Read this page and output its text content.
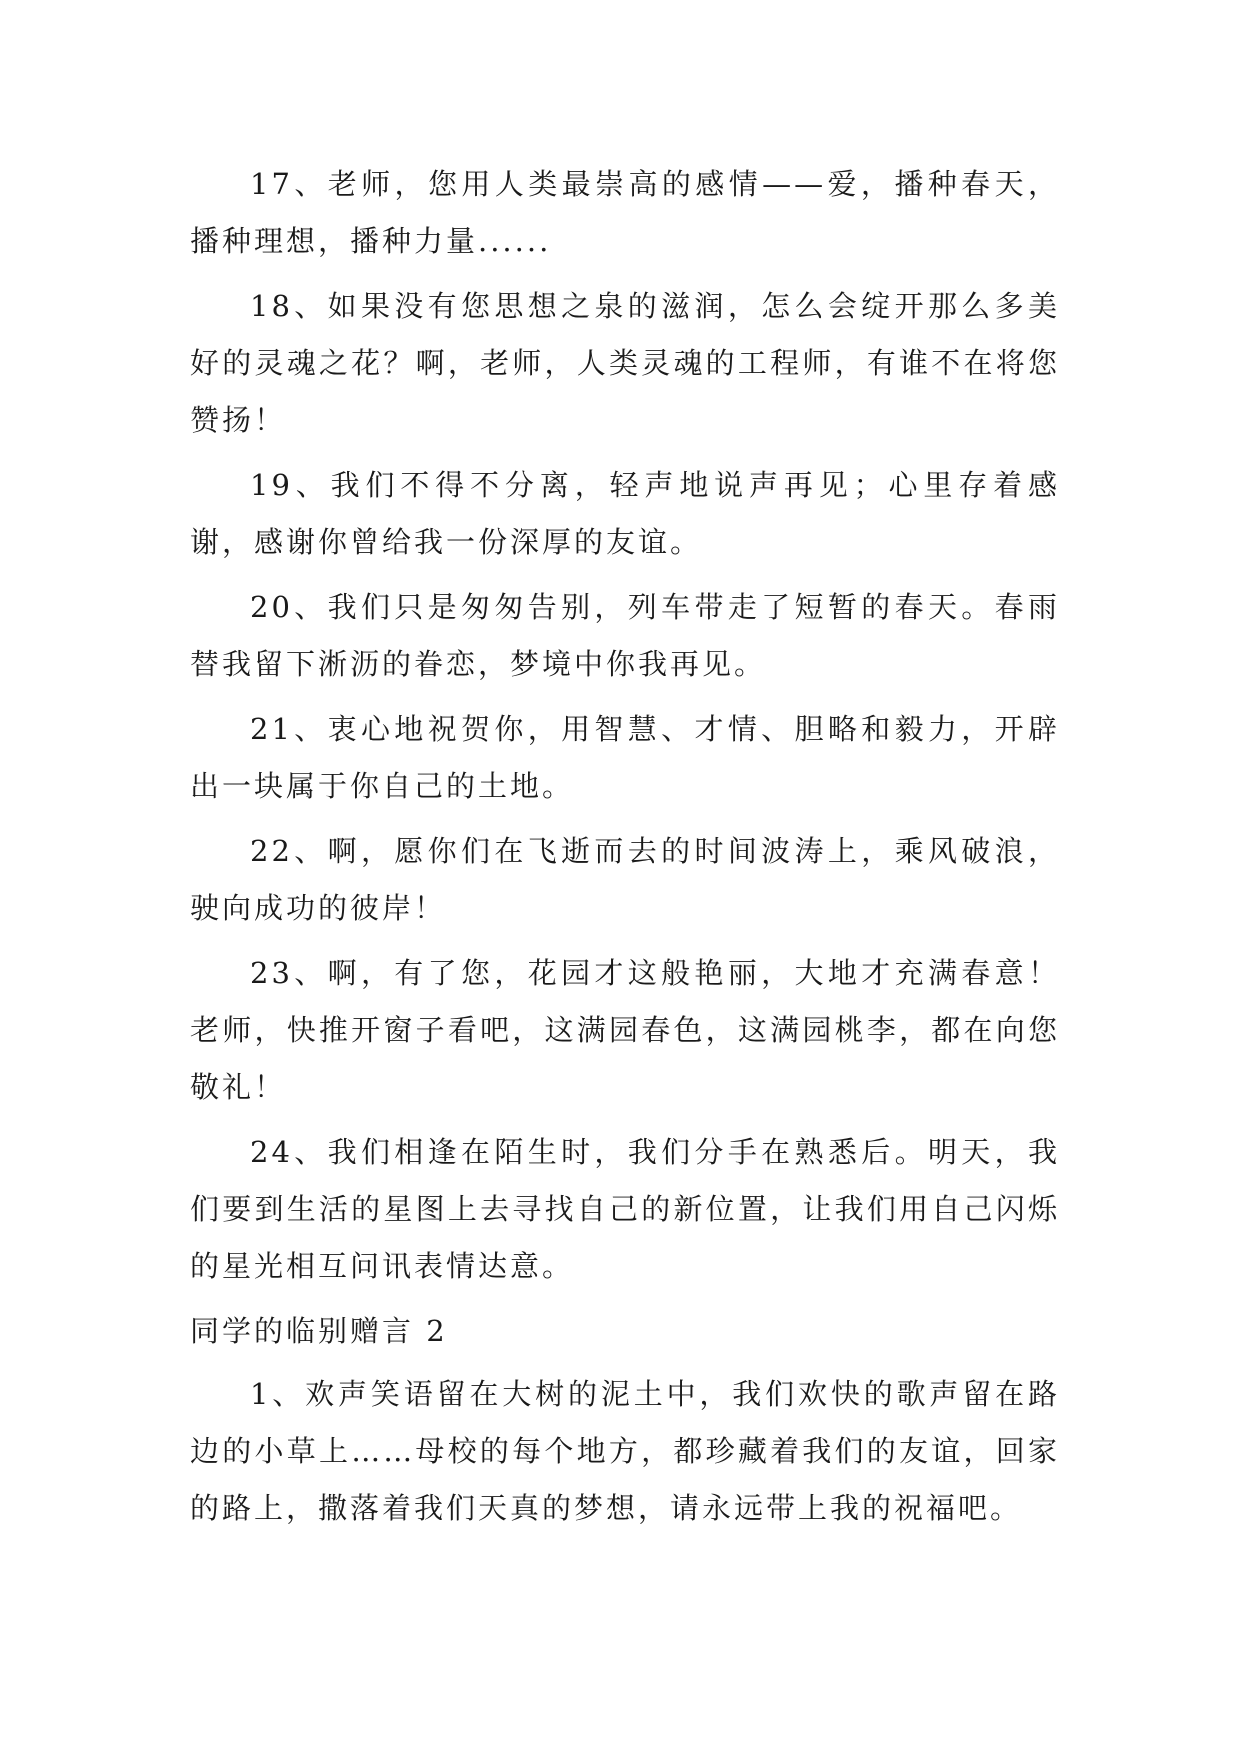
17、老师，您用人类最崇高的感情——爱，播种春天，播种理想，播种力量......

18、如果没有您思想之泉的滋润，怎么会绽开那么多美好的灵魂之花？啊，老师，人类灵魂的工程师，有谁不在将您赞扬！

19、我们不得不分离，轻声地说声再见；心里存着感谢，感谢你曾给我一份深厚的友谊。

20、我们只是匆匆告别，列车带走了短暂的春天。春雨替我留下淅沥的眷恋，梦境中你我再见。

21、衷心地祝贺你，用智慧、才情、胆略和毅力，开辟出一块属于你自己的土地。

22、啊，愿你们在飞逝而去的时间波涛上，乘风破浪，驶向成功的彼岸！

23、啊，有了您，花园才这般艳丽，大地才充满春意！老师，快推开窗子看吧，这满园春色，这满园桃李，都在向您敬礼！

24、我们相逢在陌生时，我们分手在熟悉后。明天，我们要到生活的星图上去寻找自己的新位置，让我们用自己闪烁的星光相互问讯表情达意。

同学的临别赠言 2

1、欢声笑语留在大树的泥土中，我们欢快的歌声留在路边的小草上……母校的每个地方，都珍藏着我们的友谊，回家的路上，撒落着我们天真的梦想，请永远带上我的祝福吧。
